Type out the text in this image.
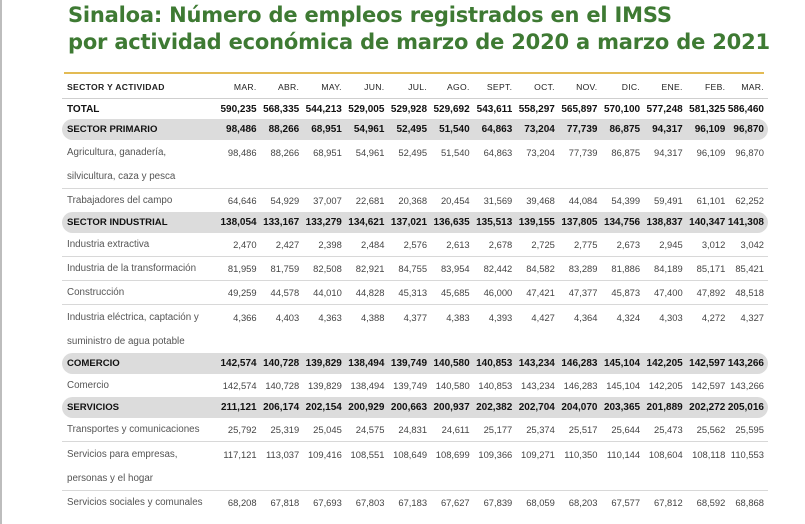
Sinaloa: Número de empleos registrados en el IMSS
por actividad económica de marzo de 2020 a marzo de 2021
SECTOR Y ACTIVIDAD	MAR.	ABR.	MAY.	JUN.	JUL.	AGO.	SEPT.	OCT.	NOV.	DIC.	ENE.	FEB.	MAR.
TOTAL	590,235	568,335	544,213	529,005	529,928	529,692	543,611	558,297	565,897	570,100	577,248	581,325	586,460
SECTOR PRIMARIO	98,486	88,266	68,951	54,961	52,495	51,540	64,863	73,204	77,739	86,875	94,317	96,109	96,870
Agricultura, ganadería,	98,486	88,266	68,951	54,961	52,495	51,540	64,863	73,204	77,739	86,875	94,317	96,109	96,870
silvicultura, caza y pesca													
Trabajadores del campo	64,646	54,929	37,007	22,681	20,368	20,454	31,569	39,468	44,084	54,399	59,491	61,101	62,252
SECTOR INDUSTRIAL	138,054	133,167	133,279	134,621	137,021	136,635	135,513	139,155	137,805	134,756	138,837	140,347	141,308
Industria extractiva	2,470	2,427	2,398	2,484	2,576	2,613	2,678	2,725	2,775	2,673	2,945	3,012	3,042
Industria de la transformación	81,959	81,759	82,508	82,921	84,755	83,954	82,442	84,582	83,289	81,886	84,189	85,171	85,421
Construcción	49,259	44,578	44,010	44,828	45,313	45,685	46,000	47,421	47,377	45,873	47,400	47,892	48,518
Industria eléctrica, captación y	4,366	4,403	4,363	4,388	4,377	4,383	4,393	4,427	4,364	4,324	4,303	4,272	4,327
suministro de agua potable													
COMERCIO	142,574	140,728	139,829	138,494	139,749	140,580	140,853	143,234	146,283	145,104	142,205	142,597	143,266
Comercio	142,574	140,728	139,829	138,494	139,749	140,580	140,853	143,234	146,283	145,104	142,205	142,597	143,266
SERVICIOS	211,121	206,174	202,154	200,929	200,663	200,937	202,382	202,704	204,070	203,365	201,889	202,272	205,016
Transportes y comunicaciones	25,792	25,319	25,045	24,575	24,831	24,611	25,177	25,374	25,517	25,644	25,473	25,562	25,595
Servicios para empresas,	117,121	113,037	109,416	108,551	108,649	108,699	109,366	109,271	110,350	110,144	108,604	108,118	110,553
personas y el hogar													
Servicios sociales y comunales	68,208	67,818	67,693	67,803	67,183	67,627	67,839	68,059	68,203	67,577	67,812	68,592	68,868
